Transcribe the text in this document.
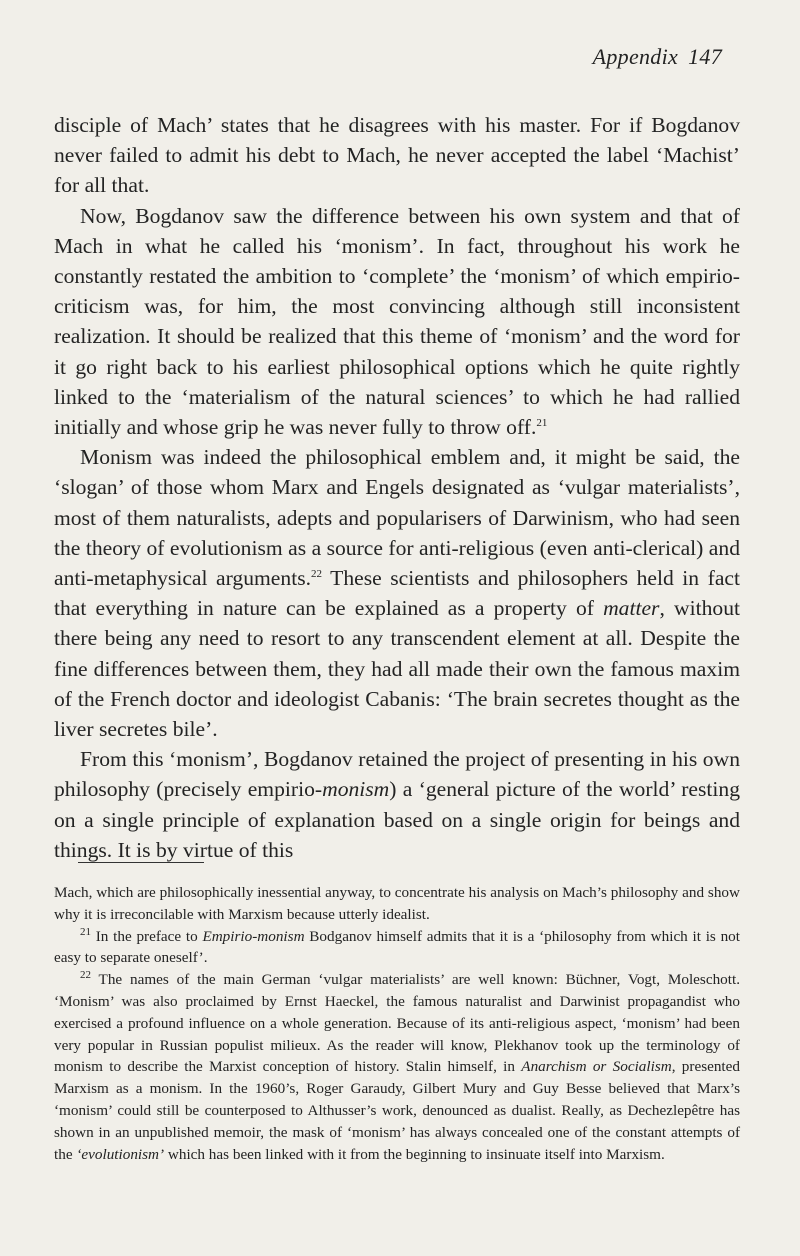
Appendix 147

disciple of Mach’ states that he disagrees with his master. For if Bogdanov never failed to admit his debt to Mach, he never accepted the label ‘Machist’ for all that.

Now, Bogdanov saw the difference between his own system and that of Mach in what he called his ‘monism’. In fact, throughout his work he constantly restated the ambition to ‘complete’ the ‘monism’ of which empirio-criticism was, for him, the most convincing although still inconsistent realization. It should be realized that this theme of ‘monism’ and the word for it go right back to his earliest philosophical options which he quite rightly linked to the ‘materialism of the natural sciences’ to which he had rallied initially and whose grip he was never fully to throw off.$^{21}$

Monism was indeed the philosophical emblem and, it might be said, the ‘slogan’ of those whom Marx and Engels designated as ‘vulgar materialists’, most of them naturalists, adepts and popularisers of Darwinism, who had seen the theory of evolutionism as a source for anti-religious (even anti-clerical) and anti-metaphysical arguments.$^{22}$ These scientists and philosophers held in fact that everything in nature can be explained as a property of matter, without there being any need to resort to any transcendent element at all. Despite the fine differences between them, they had all made their own the famous maxim of the French doctor and ideologist Cabanis: ‘The brain secretes thought as the liver secretes bile’.

From this ‘monism’, Bogdanov retained the project of presenting in his own philosophy (precisely empirio-monism) a ‘general picture of the world’ resting on a single principle of explanation based on a single origin for beings and things. It is by virtue of this

Mach, which are philosophically inessential anyway, to concentrate his analysis on Mach’s philosophy and show why it is irreconcilable with Marxism because utterly idealist.

$^{21}$ In the preface to Empirio-monism Bodganov himself admits that it is a ‘philosophy from which it is not easy to separate oneself’.

$^{22}$ The names of the main German ‘vulgar materialists’ are well known: Büchner, Vogt, Moleschott. ‘Monism’ was also proclaimed by Ernst Haeckel, the famous naturalist and Darwinist propagandist who exercised a profound influence on a whole generation. Because of its anti-religious aspect, ‘monism’ had been very popular in Russian populist milieux. As the reader will know, Plekhanov took up the terminology of monism to describe the Marxist conception of history. Stalin himself, in Anarchism or Socialism, presented Marxism as a monism. In the 1960’s, Roger Garaudy, Gilbert Mury and Guy Besse believed that Marx’s ‘monism’ could still be counterposed to Althusser’s work, denounced as dualist. Really, as Dechezlepêtre has shown in an unpublished memoir, the mask of ‘monism’ has always concealed one of the constant attempts of the ‘evolutionism’ which has been linked with it from the beginning to insinuate itself into Marxism.
